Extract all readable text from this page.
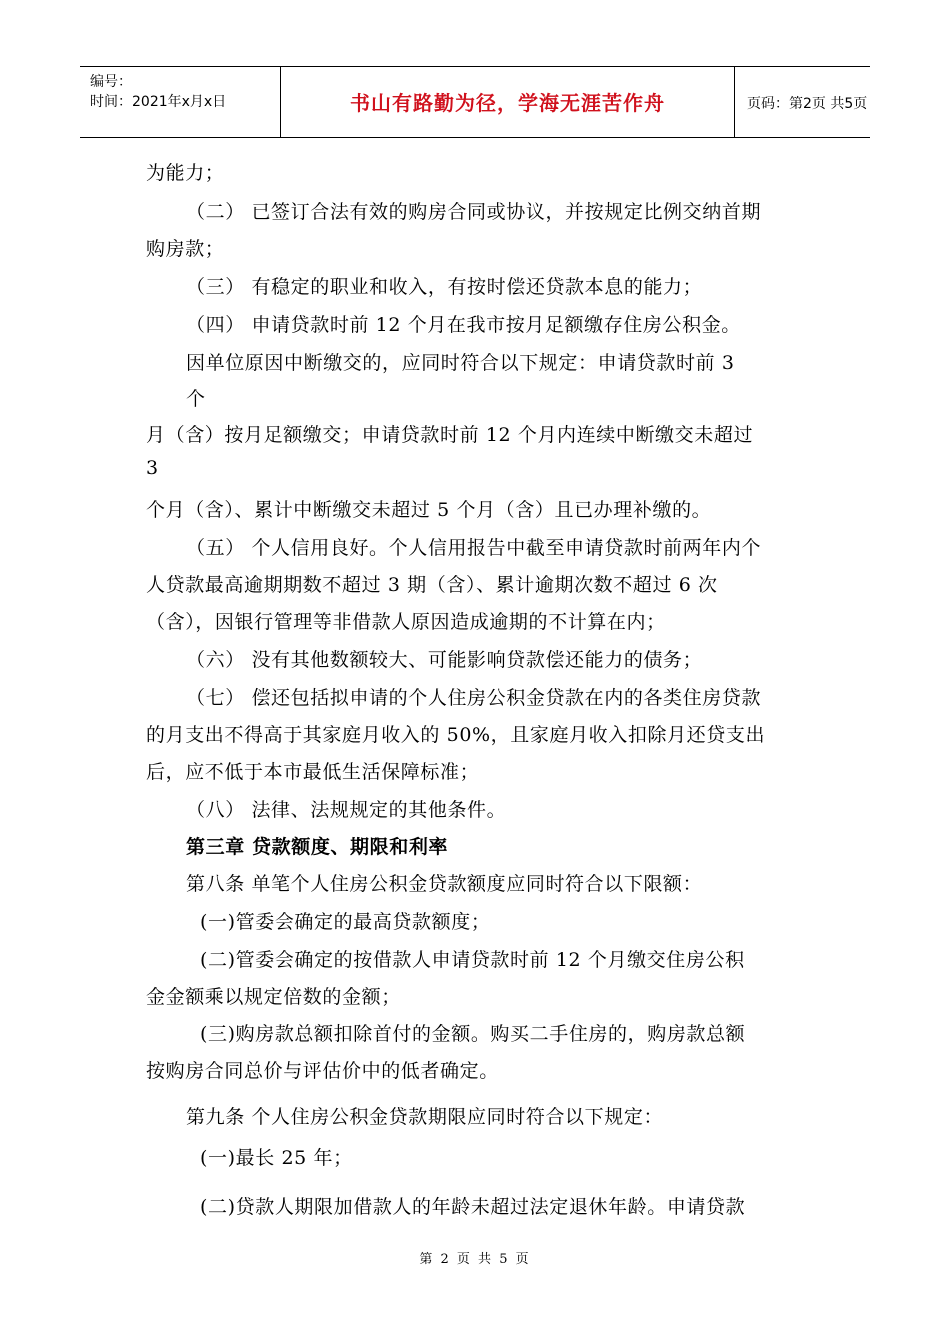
编号：
时间：2021年x月x日	书山有路勤为径，学海无涯苦作舟	页码：第2页 共5页
为能力；
（二） 已签订合法有效的购房合同或协议，并按规定比例交纳首期
购房款；
（三） 有稳定的职业和收入，有按时偿还贷款本息的能力；
（四） 申请贷款时前 12 个月在我市按月足额缴存住房公积金。
因单位原因中断缴交的，应同时符合以下规定：申请贷款时前 3
个
月（含）按月足额缴交；申请贷款时前 12 个月内连续中断缴交未超过
3
个月（含）、累计中断缴交未超过 5 个月（含）且已办理补缴的。
（五） 个人信用良好。个人信用报告中截至申请贷款时前两年内个
人贷款最高逾期期数不超过 3 期（含）、累计逾期次数不超过 6 次
（含），因银行管理等非借款人原因造成逾期的不计算在内；
（六） 没有其他数额较大、可能影响贷款偿还能力的债务；
（七） 偿还包括拟申请的个人住房公积金贷款在内的各类住房贷款
的月支出不得高于其家庭月收入的 50%，且家庭月收入扣除月还贷支出
后，应不低于本市最低生活保障标准；
（八） 法律、法规规定的其他条件。
第三章 贷款额度、期限和利率
第八条 单笔个人住房公积金贷款额度应同时符合以下限额：
(一)管委会确定的最高贷款额度；
(二)管委会确定的按借款人申请贷款时前 12 个月缴交住房公积
金金额乘以规定倍数的金额；
(三)购房款总额扣除首付的金额。购买二手住房的，购房款总额
按购房合同总价与评估价中的低者确定。
第九条 个人住房公积金贷款期限应同时符合以下规定：
(一)最长 25 年；
(二)贷款人期限加借款人的年龄未超过法定退休年龄。申请贷款
第 2 页 共 5 页
